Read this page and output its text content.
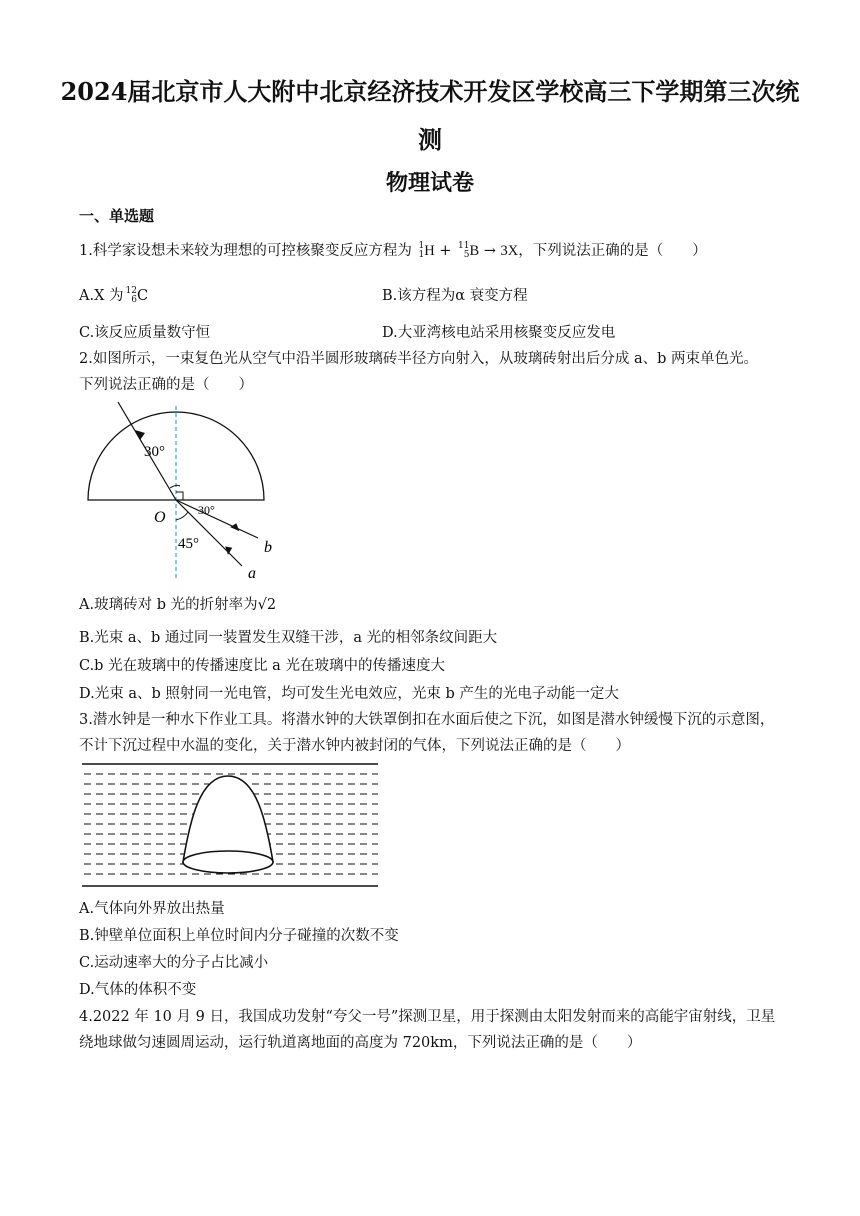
2024届北京市人大附中北京经济技术开发区学校高三下学期第三次统
测
物理试卷
一、单选题
1.科学家设想未来较为理想的可控核聚变反应方程为 1
1H + 11
5B → 3X，下列说法正确的是（　　）
A.X 为 12
6C	B.该方程为α 衰变方程
C.该反应质量数守恒	D.大亚湾核电站采用核聚变反应发电
2.如图所示，一束复色光从空气中沿半圆形玻璃砖半径方向射入，从玻璃砖射出后分成 a、b 两束单色光。
下列说法正确的是（　　）
30°
30°
45°
O
b
a
A.玻璃砖对 b 光的折射率为√2
B.光束 a、b 通过同一装置发生双缝干涉，a 光的相邻条纹间距大
C.b 光在玻璃中的传播速度比 a 光在玻璃中的传播速度大
D.光束 a、b 照射同一光电管，均可发生光电效应，光束 b 产生的光电子动能一定大
3.潜水钟是一种水下作业工具。将潜水钟的大铁罩倒扣在水面后使之下沉，如图是潜水钟缓慢下沉的示意图，
不计下沉过程中水温的变化，关于潜水钟内被封闭的气体，下列说法正确的是（　　）
A.气体向外界放出热量
B.钟壁单位面积上单位时间内分子碰撞的次数不变
C.运动速率大的分子占比减小
D.气体的体积不变
4.2022 年 10 月 9 日，我国成功发射“夸父一号”探测卫星，用于探测由太阳发射而来的高能宇宙射线，卫星
绕地球做匀速圆周运动，运行轨道离地面的高度为 720km，下列说法正确的是（　　）
